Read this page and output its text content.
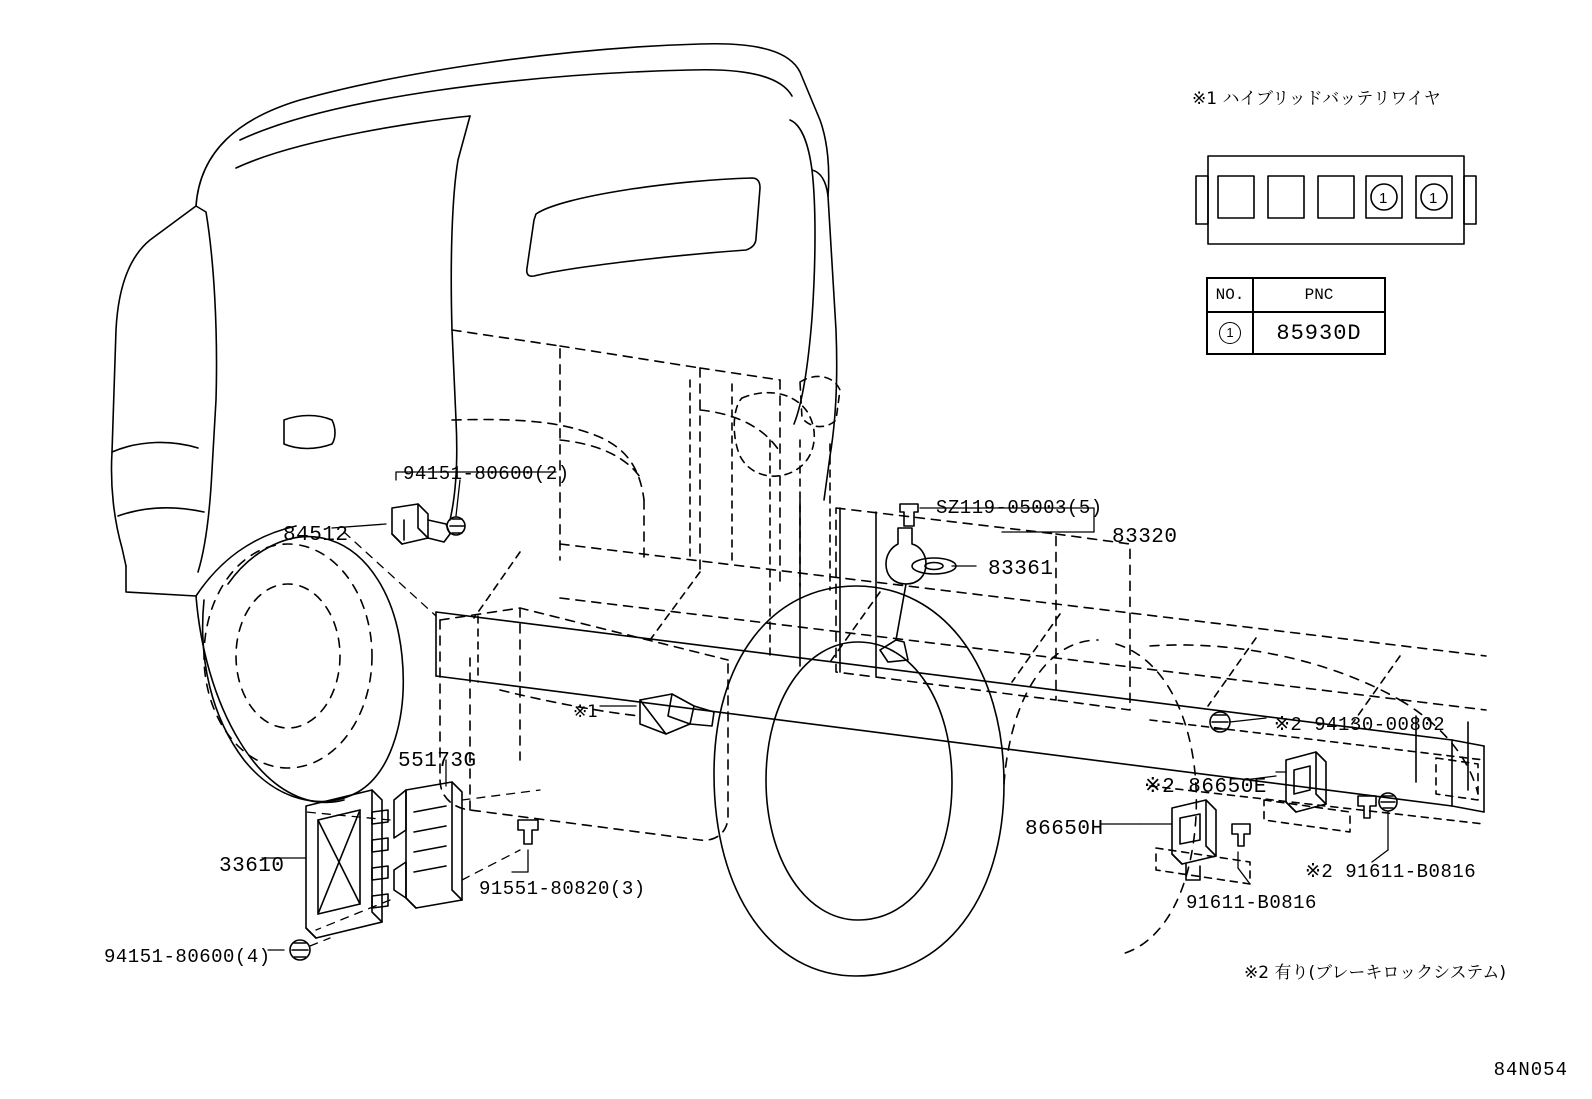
1	1
※1 ハイブリッドバッテリワイヤ
NO.	PNC
1	85930D
94151-80600(2)
84512
SZ119-05003(5)
83320
83361
※1
※2 94130-00802
55173G
※2 86650E
86650H
33610
91551-80820(3)
※2 91611-B0816
91611-B0816
94151-80600(4)
※2 有り(ブレーキロックシステム)
84N054
